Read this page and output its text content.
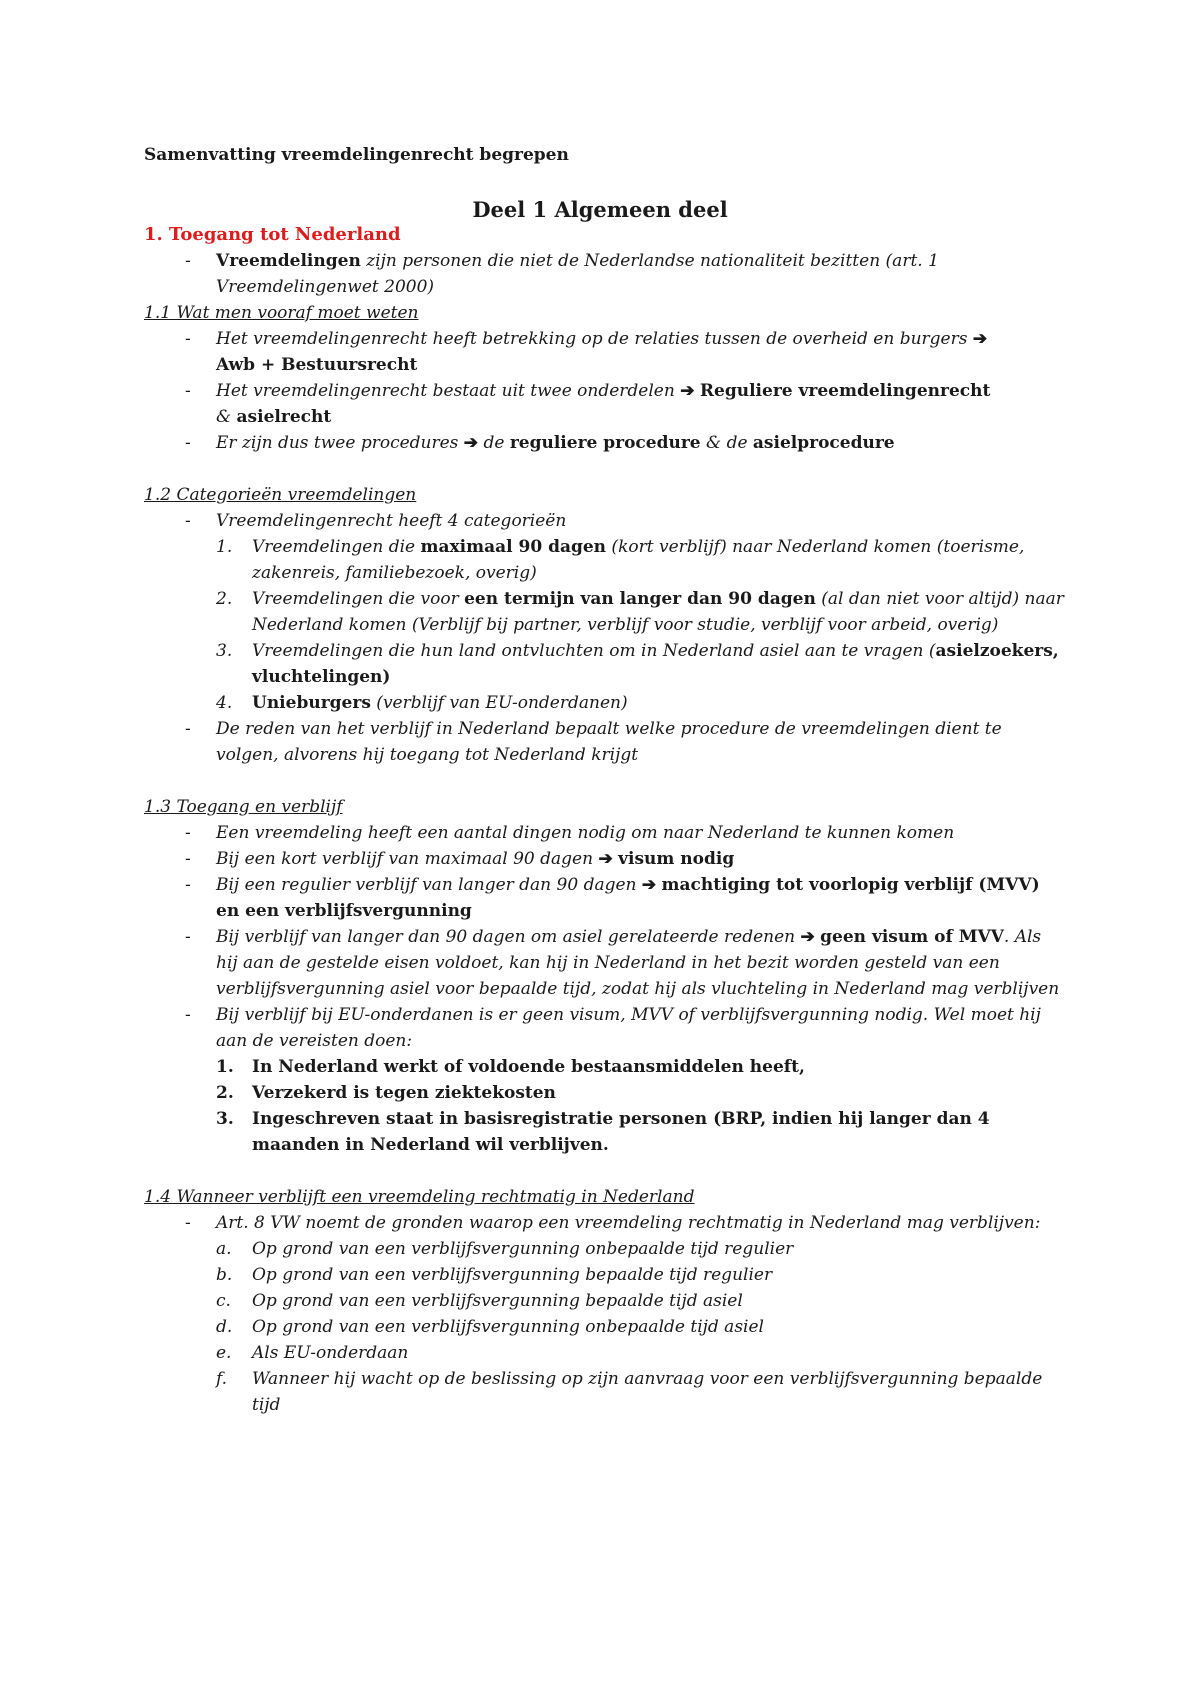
Samenvatting vreemdelingenrecht begrepen
Deel 1 Algemeen deel
1. Toegang tot Nederland
- Vreemdelingen zijn personen die niet de Nederlandse nationaliteit bezitten (art. 1 Vreemdelingenwet 2000)
1.1 Wat men vooraf moet weten
- Het vreemdelingenrecht heeft betrekking op de relaties tussen de overheid en burgers ➔
Awb + Bestuursrecht
- Het vreemdelingenrecht bestaat uit twee onderdelen ➔ Reguliere vreemdelingenrecht
& asielrecht
- Er zijn dus twee procedures ➔ de reguliere procedure & de asielprocedure
1.2 Categorieën vreemdelingen
- Vreemdelingenrecht heeft 4 categorieën
1. Vreemdelingen die maximaal 90 dagen (kort verblijf) naar Nederland komen (toerisme, zakenreis, familiebezoek, overig)
2. Vreemdelingen die voor een termijn van langer dan 90 dagen (al dan niet voor altijd) naar Nederland komen (Verblijf bij partner, verblijf voor studie, verblijf voor arbeid, overig)
3. Vreemdelingen die hun land ontvluchten om in Nederland asiel aan te vragen (asielzoekers, vluchtelingen)
4. Unieburgers (verblijf van EU-onderdanen)
- De reden van het verblijf in Nederland bepaalt welke procedure de vreemdelingen dient te volgen, alvorens hij toegang tot Nederland krijgt
1.3 Toegang en verblijf
- Een vreemdeling heeft een aantal dingen nodig om naar Nederland te kunnen komen
- Bij een kort verblijf van maximaal 90 dagen ➔ visum nodig
- Bij een regulier verblijf van langer dan 90 dagen ➔ machtiging tot voorlopig verblijf (MVV) en een verblijfsvergunning
- Bij verblijf van langer dan 90 dagen om asiel gerelateerde redenen ➔ geen visum of MVV. Als hij aan de gestelde eisen voldoet, kan hij in Nederland in het bezit worden gesteld van een verblijfsvergunning asiel voor bepaalde tijd, zodat hij als vluchteling in Nederland mag verblijven
- Bij verblijf bij EU-onderdanen is er geen visum, MVV of verblijfsvergunning nodig. Wel moet hij aan de vereisten doen:
1. In Nederland werkt of voldoende bestaansmiddelen heeft,
2. Verzekerd is tegen ziektekosten
3. Ingeschreven staat in basisregistratie personen (BRP, indien hij langer dan 4 maanden in Nederland wil verblijven.
1.4 Wanneer verblijft een vreemdeling rechtmatig in Nederland
- Art. 8 VW noemt de gronden waarop een vreemdeling rechtmatig in Nederland mag verblijven:
a. Op grond van een verblijfsvergunning onbepaalde tijd regulier
b. Op grond van een verblijfsvergunning bepaalde tijd regulier
c. Op grond van een verblijfsvergunning bepaalde tijd asiel
d. Op grond van een verblijfsvergunning onbepaalde tijd asiel
e. Als EU-onderdaan
f. Wanneer hij wacht op de beslissing op zijn aanvraag voor een verblijfsvergunning bepaalde tijd
